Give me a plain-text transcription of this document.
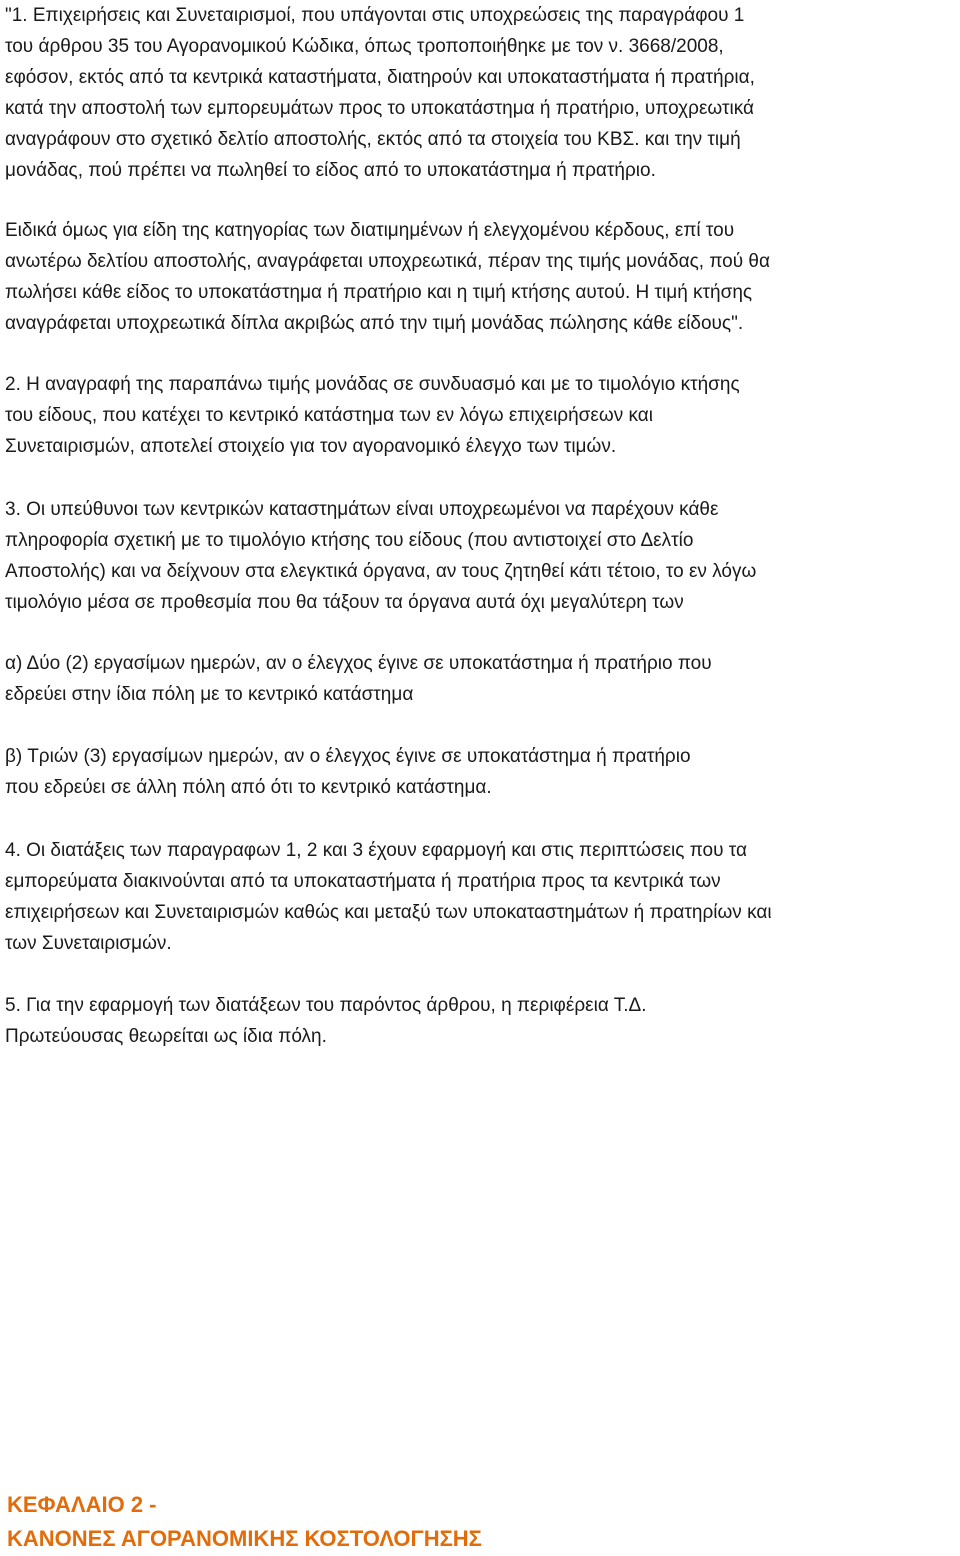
"1. Επιχειρήσεις και Συνεταιρισμοί, που υπάγονται στις υποχρεώσεις της παραγράφου 1
του άρθρου 35 του Αγορανομικού Κώδικα, όπως τροποποιήθηκε με τον ν. 3668/2008,
εφόσον, εκτός από τα κεντρικά καταστήματα, διατηρούν και υποκαταστήματα ή πρατήρια,
κατά την αποστολή των εμπορευμάτων προς το υποκατάστημα ή πρατήριο, υποχρεωτικά
αναγράφουν στο σχετικό δελτίο αποστολής, εκτός από τα στοιχεία του ΚΒΣ. και την τιμή
μονάδας, πού πρέπει να πωληθεί το είδος από το υποκατάστημα ή πρατήριο.

Ειδικά όμως για είδη της κατηγορίας των διατιμημένων ή ελεγχομένου κέρδους, επί του
ανωτέρω δελτίου αποστολής, αναγράφεται υποχρεωτικά, πέραν της τιμής μονάδας, πού θα
πωλήσει κάθε είδος το υποκατάστημα ή πρατήριο και η τιμή κτήσης αυτού. Η τιμή κτήσης
αναγράφεται υποχρεωτικά δίπλα ακριβώς από την τιμή μονάδας πώλησης κάθε είδους".

2. Η αναγραφή της παραπάνω τιμής μονάδας σε συνδυασμό και με το τιμολόγιο κτήσης
του είδους, που κατέχει το κεντρικό κατάστημα των εν λόγω επιχειρήσεων και
Συνεταιρισμών, αποτελεί στοιχείο για τον αγορανομικό έλεγχο των τιμών.

3. Οι υπεύθυνοι των κεντρικών καταστημάτων είναι υποχρεωμένοι να παρέχουν κάθε
πληροφορία σχετική με το τιμολόγιο κτήσης του είδους (που αντιστοιχεί στο Δελτίο
Αποστολής) και να δείχνουν στα ελεγκτικά όργανα, αν τους ζητηθεί κάτι τέτοιο, το εν λόγω
τιμολόγιο μέσα σε προθεσμία που θα τάξουν τα όργανα αυτά όχι μεγαλύτερη των

α) Δύο (2) εργασίμων ημερών, αν ο έλεγχος έγινε σε υποκατάστημα ή πρατήριο που
εδρεύει στην ίδια πόλη με το κεντρικό κατάστημα

β) Τριών (3) εργασίμων ημερών, αν ο έλεγχος έγινε σε υποκατάστημα ή πρατήριο
που εδρεύει σε άλλη πόλη από ότι το κεντρικό κατάστημα.

4. Οι διατάξεις των παραγραφων 1, 2 και 3 έχουν εφαρμογή και στις περιπτώσεις που τα
εμπορεύματα διακινούνται από τα υποκαταστήματα ή πρατήρια προς τα κεντρικά των
επιχειρήσεων και Συνεταιρισμών καθώς και μεταξύ των υποκαταστημάτων ή πρατηρίων και
των Συνεταιρισμών.

5. Για την εφαρμογή των διατάξεων του παρόντος άρθρου, η περιφέρεια Τ.Δ.
Πρωτεύουσας θεωρείται ως ίδια πόλη.

ΚΕΦΑΛΑΙΟ 2 -
ΚΑΝΟΝΕΣ ΑΓΟΡΑΝΟΜΙΚΗΣ ΚΟΣΤΟΛΟΓΗΣΗΣ
